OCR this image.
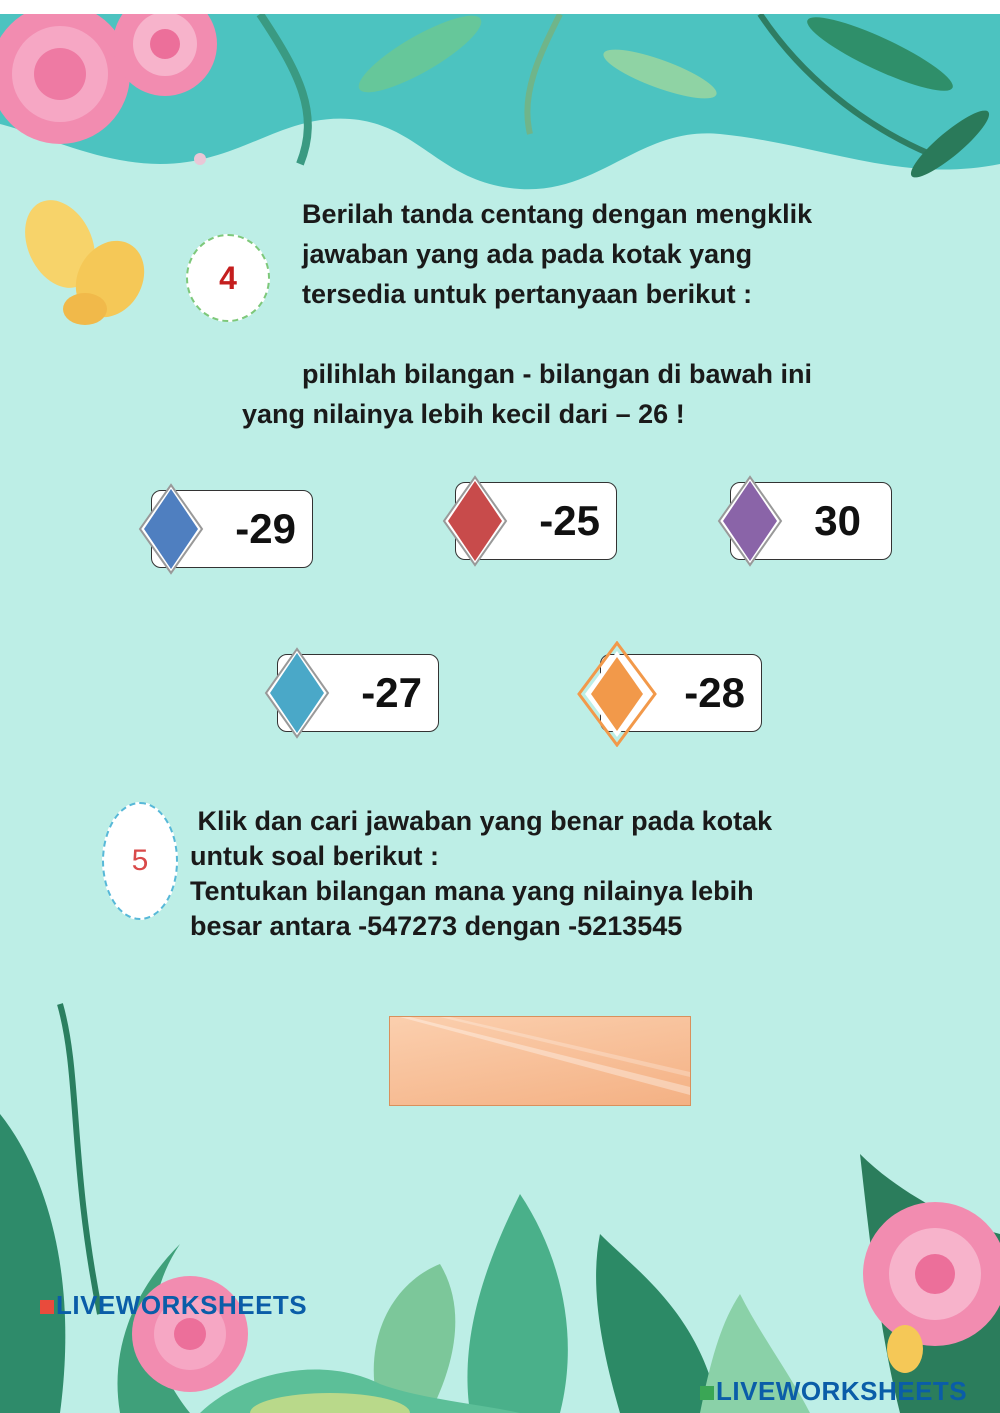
4
Berilah tanda centang dengan mengklik
jawaban yang ada pada kotak yang
tersedia untuk pertanyaan berikut :
pilihlah bilangan - bilangan di bawah ini
yang nilainya lebih kecil dari – 26 !
-29	-25	30
-27	-28
5
Klik dan cari jawaban yang benar pada kotak
untuk soal berikut :
Tentukan bilangan mana yang nilainya lebih
besar antara -547273 dengan -5213545
LIVEWORKSHEETS
LIVEWORKSHEETS
